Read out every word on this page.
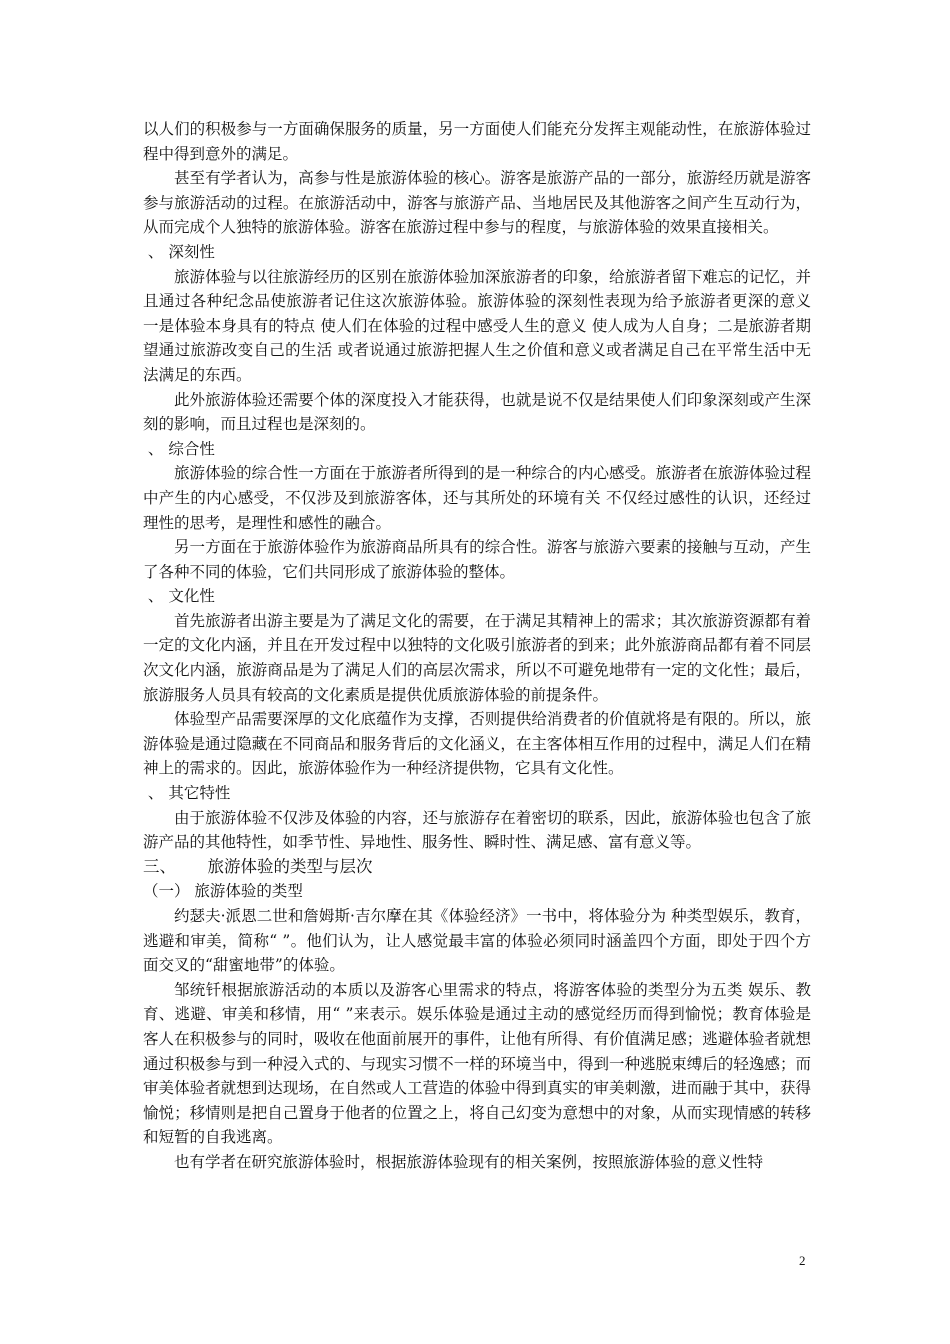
以人们的积极参与一方面确保服务的质量，另一方面使人们能充分发挥主观能动性，在旅游体验过程中得到意外的满足。

甚至有学者认为，高参与性是旅游体验的核心。游客是旅游产品的一部分，旅游经历就是游客参与旅游活动的过程。在旅游活动中，游客与旅游产品、当地居民及其他游客之间产生互动行为，从而完成个人独特的旅游体验。游客在旅游过程中参与的程度，与旅游体验的效果直接相关。

、 深刻性

旅游体验与以往旅游经历的区别在旅游体验加深旅游者的印象，给旅游者留下难忘的记忆，并且通过各种纪念品使旅游者记住这次旅游体验。旅游体验的深刻性表现为给予旅游者更深的意义 一是体验本身具有的特点 使人们在体验的过程中感受人生的意义 使人成为人自身；二是旅游者期望通过旅游改变自己的生活 或者说通过旅游把握人生之价值和意义或者满足自己在平常生活中无法满足的东西。

此外旅游体验还需要个体的深度投入才能获得，也就是说不仅是结果使人们印象深刻或产生深刻的影响，而且过程也是深刻的。

、 综合性

旅游体验的综合性一方面在于旅游者所得到的是一种综合的内心感受。旅游者在旅游体验过程中产生的内心感受，不仅涉及到旅游客体，还与其所处的环境有关 不仅经过感性的认识，还经过理性的思考，是理性和感性的融合。

另一方面在于旅游体验作为旅游商品所具有的综合性。游客与旅游六要素的接触与互动，产生了各种不同的体验，它们共同形成了旅游体验的整体。

、 文化性

首先旅游者出游主要是为了满足文化的需要，在于满足其精神上的需求；其次旅游资源都有着一定的文化内涵，并且在开发过程中以独特的文化吸引旅游者的到来；此外旅游商品都有着不同层次文化内涵，旅游商品是为了满足人们的高层次需求，所以不可避免地带有一定的文化性；最后，旅游服务人员具有较高的文化素质是提供优质旅游体验的前提条件。

体验型产品需要深厚的文化底蕴作为支撑，否则提供给消费者的价值就将是有限的。所以，旅游体验是通过隐藏在不同商品和服务背后的文化涵义，在主客体相互作用的过程中，满足人们在精神上的需求的。因此，旅游体验作为一种经济提供物，它具有文化性。

、 其它特性

由于旅游体验不仅涉及体验的内容，还与旅游存在着密切的联系，因此，旅游体验也包含了旅游产品的其他特性，如季节性、异地性、服务性、瞬时性、满足感、富有意义等。

三、      旅游体验的类型与层次

（一） 旅游体验的类型

约瑟夫·派恩二世和詹姆斯·吉尔摩在其《体验经济》一书中，将体验分为 种类型娱乐，教育，逃避和审美，简称“ ”。他们认为，让人感觉最丰富的体验必须同时涵盖四个方面，即处于四个方面交叉的“甜蜜地带”的体验。

邹统钎根据旅游活动的本质以及游客心里需求的特点，将游客体验的类型分为五类 娱乐、教育、逃避、审美和移情，用“ ”来表示。娱乐体验是通过主动的感觉经历而得到愉悦；教育体验是客人在积极参与的同时，吸收在他面前展开的事件，让他有所得、有价值满足感；逃避体验者就想通过积极参与到一种浸入式的、与现实习惯不一样的环境当中，得到一种逃脱束缚后的轻逸感；而审美体验者就想到达现场，在自然或人工营造的体验中得到真实的审美刺激，进而融于其中，获得愉悦；移情则是把自己置身于他者的位置之上，将自己幻变为意想中的对象，从而实现情感的转移和短暂的自我逃离。

也有学者在研究旅游体验时，根据旅游体验现有的相关案例，按照旅游体验的意义性特

2
